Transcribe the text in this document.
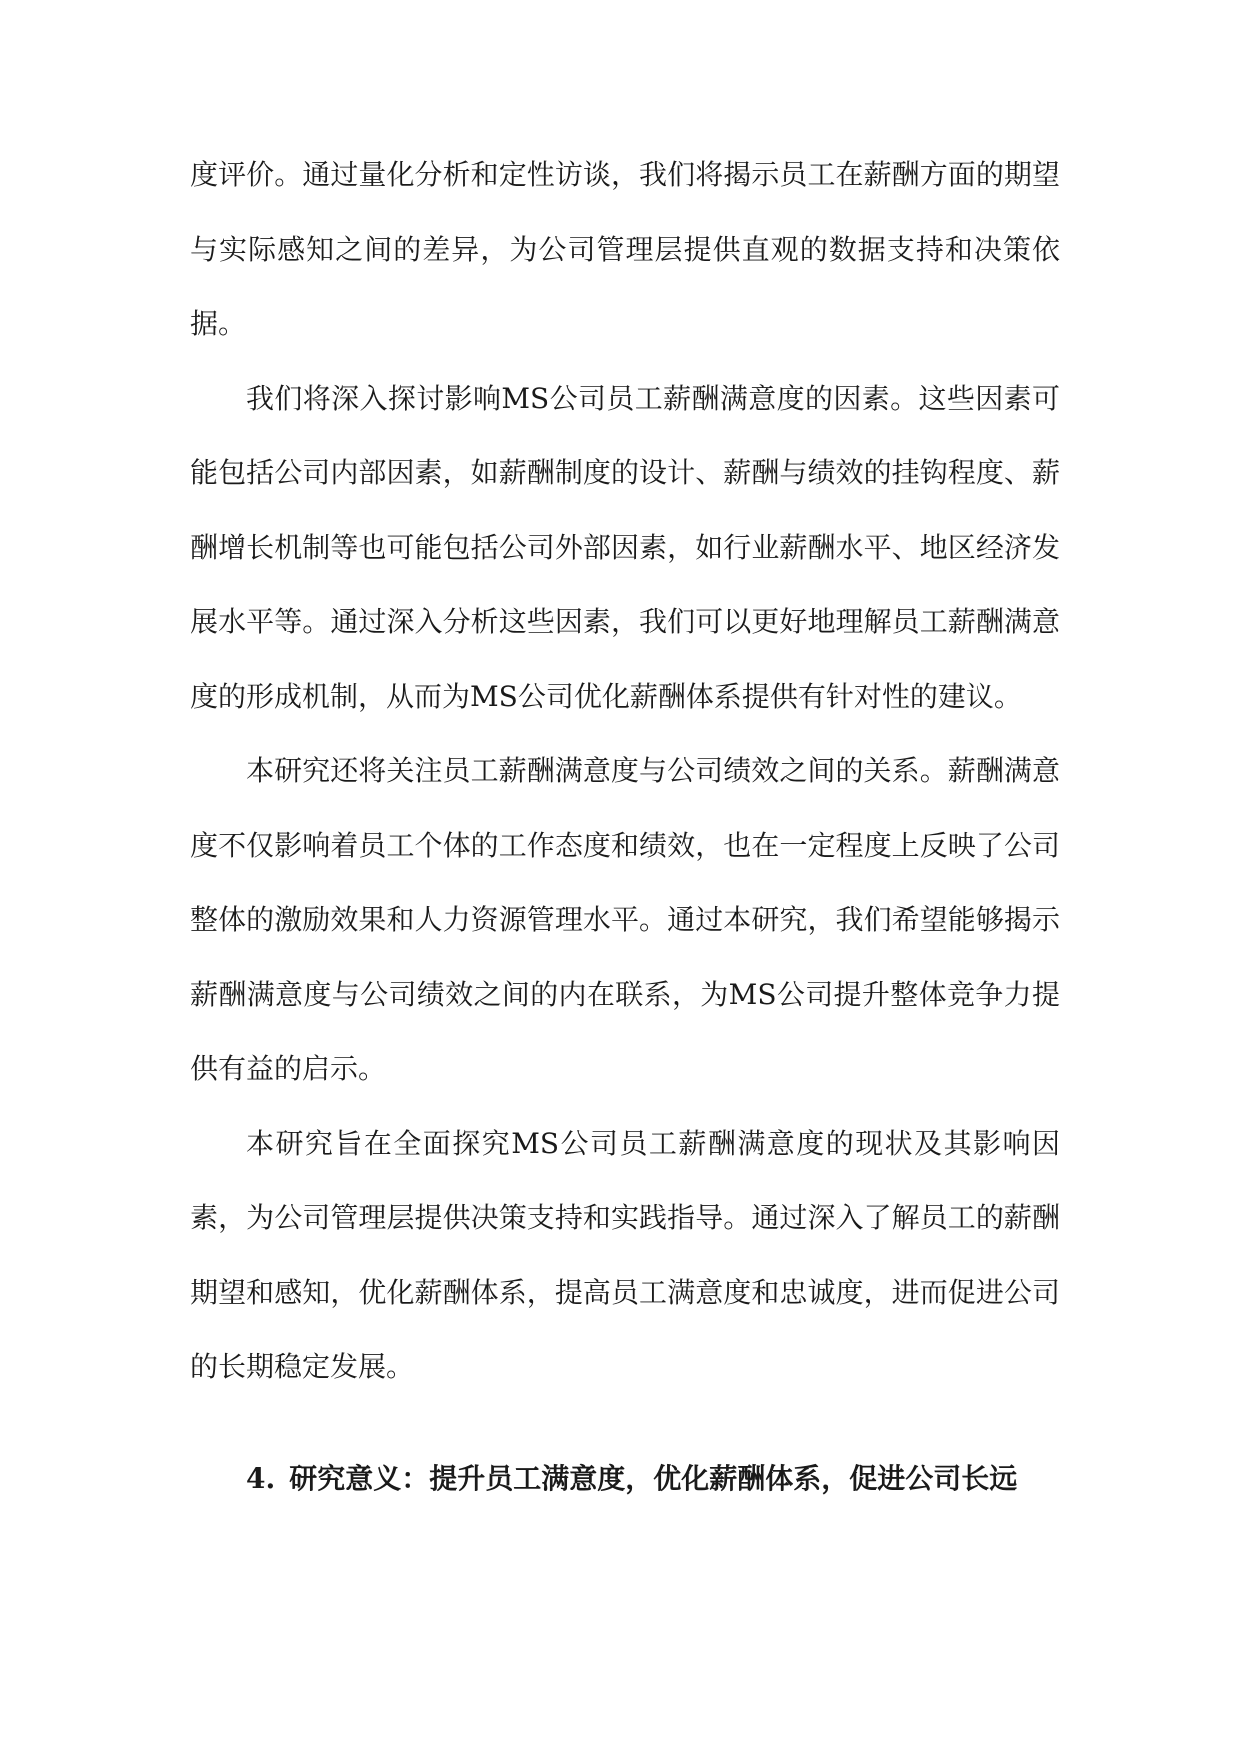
度评价。通过量化分析和定性访谈，我们将揭示员工在薪酬方面的期望与实际感知之间的差异，为公司管理层提供直观的数据支持和决策依据。

我们将深入探讨影响MS公司员工薪酬满意度的因素。这些因素可能包括公司内部因素，如薪酬制度的设计、薪酬与绩效的挂钩程度、薪酬增长机制等也可能包括公司外部因素，如行业薪酬水平、地区经济发展水平等。通过深入分析这些因素，我们可以更好地理解员工薪酬满意度的形成机制，从而为MS公司优化薪酬体系提供有针对性的建议。

本研究还将关注员工薪酬满意度与公司绩效之间的关系。薪酬满意度不仅影响着员工个体的工作态度和绩效，也在一定程度上反映了公司整体的激励效果和人力资源管理水平。通过本研究，我们希望能够揭示薪酬满意度与公司绩效之间的内在联系，为MS公司提升整体竞争力提供有益的启示。

本研究旨在全面探究MS公司员工薪酬满意度的现状及其影响因素，为公司管理层提供决策支持和实践指导。通过深入了解员工的薪酬期望和感知，优化薪酬体系，提高员工满意度和忠诚度，进而促进公司的长期稳定发展。

4. 研究意义：提升员工满意度，优化薪酬体系，促进公司长远
